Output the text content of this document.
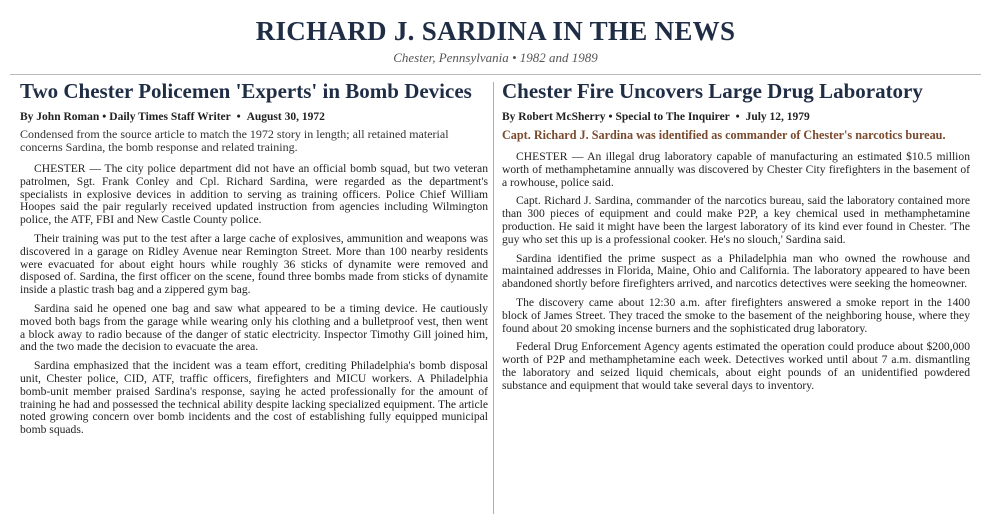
RICHARD J. SARDINA IN THE NEWS
Chester, Pennsylvania • 1982 and 1989
Two Chester Policemen 'Experts' in Bomb Devices
By John Roman • Daily Times Staff Writer • August 30, 1972
Condensed from the source article to match the 1972 story in length; all retained material concerns Sardina, the bomb response and related training.

CHESTER — The city police department did not have an official bomb squad, but two veteran patrolmen, Sgt. Frank Conley and Cpl. Richard Sardina, were regarded as the department's specialists in explosive devices in addition to serving as training officers. Police Chief William Hoopes said the pair regularly received updated instruction from agencies including Wilmington police, the ATF, FBI and New Castle County police.

Their training was put to the test after a large cache of explosives, ammunition and weapons was discovered in a garage on Ridley Avenue near Remington Street. More than 100 nearby residents were evacuated for about eight hours while roughly 36 sticks of dynamite were removed and disposed of. Sardina, the first officer on the scene, found three bombs made from sticks of dynamite inside a plastic trash bag and a zippered gym bag.

Sardina said he opened one bag and saw what appeared to be a timing device. He cautiously moved both bags from the garage while wearing only his clothing and a bulletproof vest, then went a block away to radio because of the danger of static electricity. Inspector Timothy Gill joined him, and the two made the decision to evacuate the area.

Sardina emphasized that the incident was a team effort, crediting Philadelphia's bomb disposal unit, Chester police, CID, ATF, traffic officers, firefighters and MICU workers. A Philadelphia bomb-unit member praised Sardina's response, saying he acted professionally for the amount of training he had and possessed the technical ability despite lacking specialized equipment. The article noted growing concern over bomb incidents and the cost of establishing fully equipped municipal bomb squads.

Chester Fire Uncovers Large Drug Laboratory
By Robert McSherry • Special to The Inquirer • July 12, 1979
Capt. Richard J. Sardina was identified as commander of Chester's narcotics bureau.

CHESTER — An illegal drug laboratory capable of manufacturing an estimated $10.5 million worth of methamphetamine annually was discovered by Chester City firefighters in the basement of a rowhouse, police said.

Capt. Richard J. Sardina, commander of the narcotics bureau, said the laboratory contained more than 300 pieces of equipment and could make P2P, a key chemical used in methamphetamine production. He said it might have been the largest laboratory of its kind ever found in Chester. 'The guy who set this up is a professional cooker. He's no slouch,' Sardina said.

Sardina identified the prime suspect as a Philadelphia man who owned the rowhouse and maintained addresses in Florida, Maine, Ohio and California. The laboratory appeared to have been abandoned shortly before firefighters arrived, and narcotics detectives were seeking the homeowner.

The discovery came about 12:30 a.m. after firefighters answered a smoke report in the 1400 block of James Street. They traced the smoke to the basement of the neighboring house, where they found about 20 smoking incense burners and the sophisticated drug laboratory.

Federal Drug Enforcement Agency agents estimated the operation could produce about $200,000 worth of P2P and methamphetamine each week. Detectives worked until about 7 a.m. dismantling the laboratory and seized liquid chemicals, about eight pounds of an unidentified powdered substance and equipment that would take several days to inventory.
